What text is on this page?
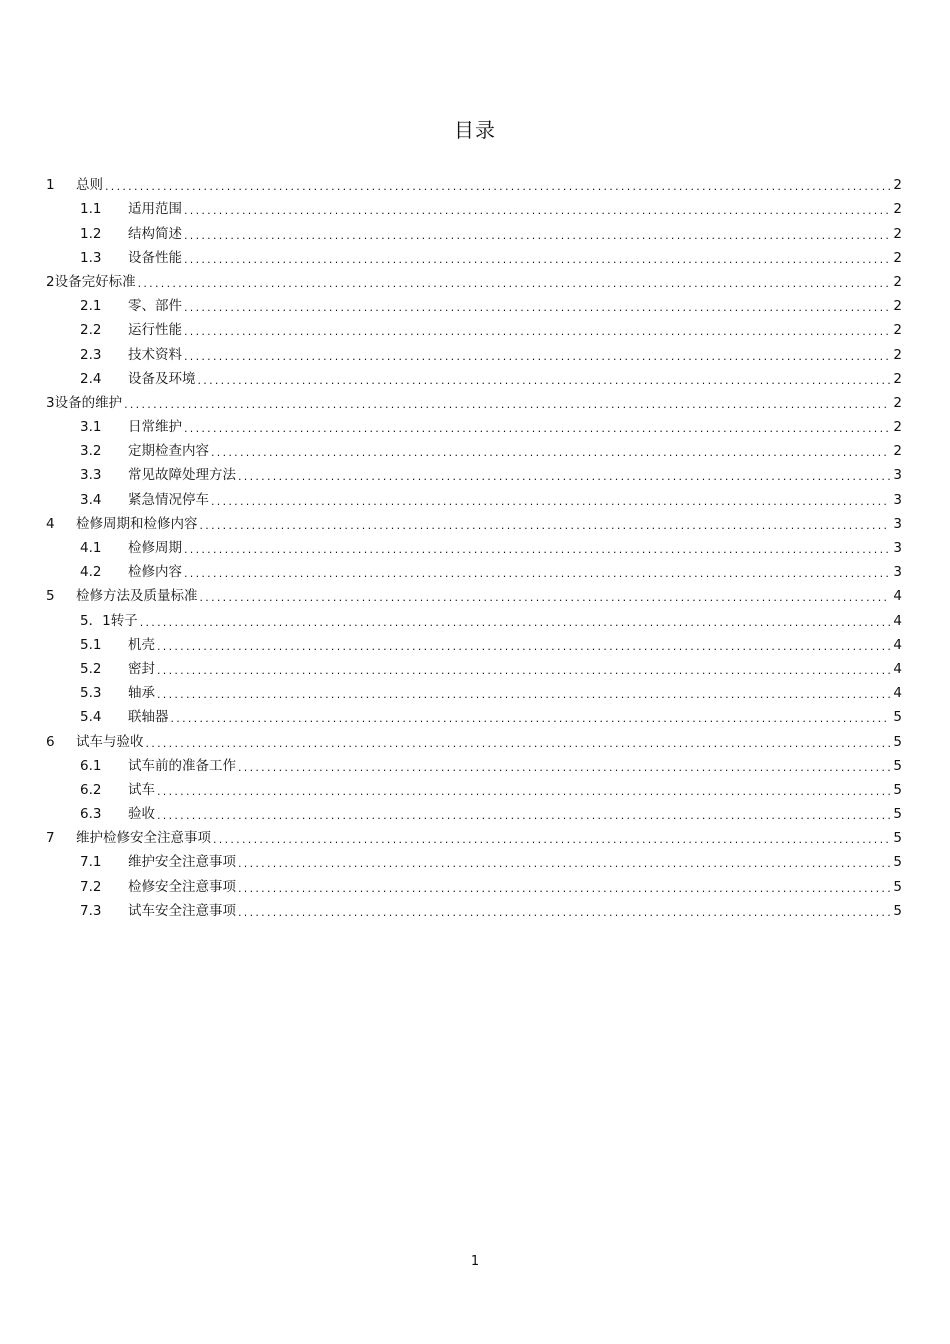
目录
1	总则 .....	2
1.1	适用范围 .....	2
1.2	结构简述 .....	2
1.3	设备性能 .....	2
2 设备完好标准 .....	2
2.1	零、部件 .....	2
2.2	运行性能 .....	2
2.3	技术资料 .....	2
2.4	设备及环境 .....	2
3 设备的维护 .....	2
3.1	日常维护 .....	2
3.2	定期检查内容 .....	2
3.3	常见故障处理方法 .....	3
3.4	紧急情况停车 .....	3
4	检修周期和检修内容 .....	3
4.1	检修周期 .....	3
4.2	检修内容 .....	3
5	检修方法及质量标准 .....	4
5．1 转子 .....	4
5.1	机壳 .....	4
5.2	密封 .....	4
5.3	轴承 .....	4
5.4	联轴器 .....	5
6	试车与验收 .....	5
6.1	试车前的准备工作 .....	5
6.2	试车 .....	5
6.3	验收 .....	5
7	维护检修安全注意事项 .....	5
7.1	维护安全注意事项 .....	5
7.2	检修安全注意事项 .....	5
7.3	试车安全注意事项 .....	5
1
